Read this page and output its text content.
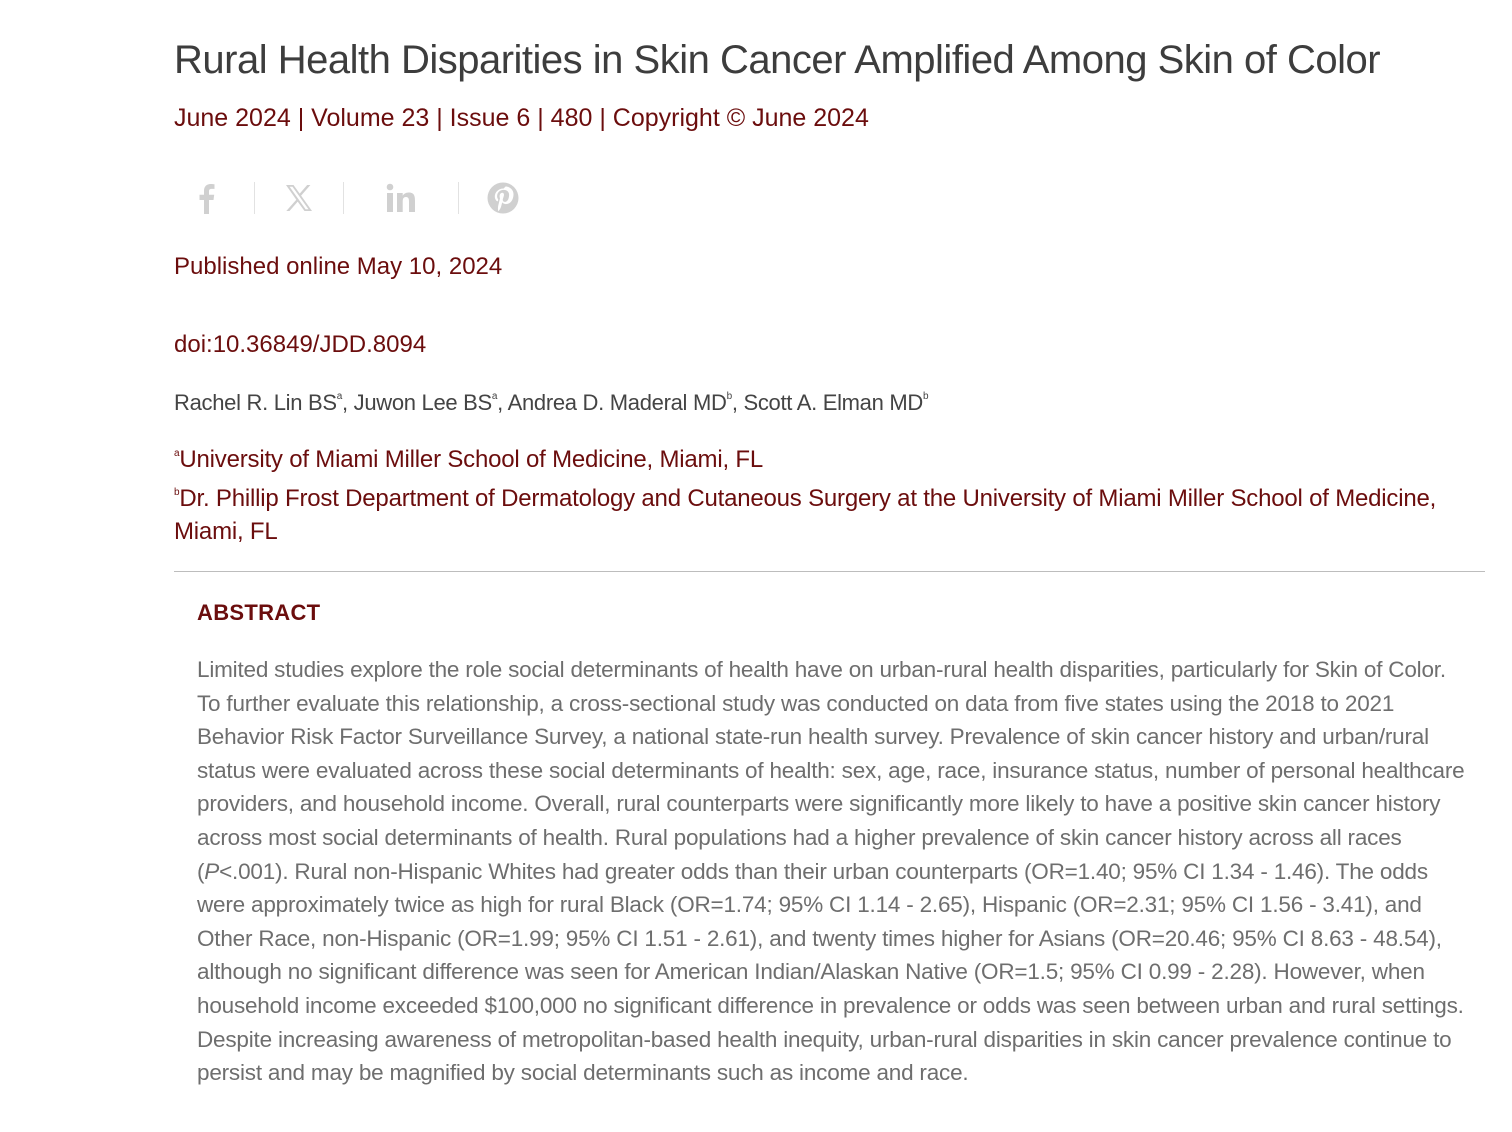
Rural Health Disparities in Skin Cancer Amplified Among Skin of Color
June 2024 | Volume 23 | Issue 6 | 480 | Copyright © June 2024
Published online May 10, 2024
doi:10.36849/JDD.8094
Rachel R. Lin $BS^a$, Juwon Lee $BS^a$, Andrea D. Maderal $MD^b$, Scott A. Elman $MD^b$
$^a$University of Miami Miller School of Medicine, Miami, FL
$^b$Dr. Phillip Frost Department of Dermatology and Cutaneous Surgery at the University of Miami Miller School of Medicine, Miami, FL
ABSTRACT

Limited studies explore the role social determinants of health have on urban-rural health disparities, particularly for Skin of Color. To further evaluate this relationship, a cross-sectional study was conducted on data from five states using the 2018 to 2021 Behavior Risk Factor Surveillance Survey, a national state-run health survey. Prevalence of skin cancer history and urban/rural status were evaluated across these social determinants of health: sex, age, race, insurance status, number of personal healthcare providers, and household income. Overall, rural counterparts were significantly more likely to have a positive skin cancer history across most social determinants of health. Rural populations had a higher prevalence of skin cancer history across all races (P<.001). Rural non-Hispanic Whites had greater odds than their urban counterparts (OR=1.40; 95% CI 1.34 - 1.46). The odds were approximately twice as high for rural Black (OR=1.74; 95% CI 1.14 - 2.65), Hispanic (OR=2.31; 95% CI 1.56 - 3.41), and Other Race, non-Hispanic (OR=1.99; 95% CI 1.51 - 2.61), and twenty times higher for Asians (OR=20.46; 95% CI 8.63 - 48.54), although no significant difference was seen for American Indian/Alaskan Native (OR=1.5; 95% CI 0.99 - 2.28). However, when household income exceeded $100,000 no significant difference in prevalence or odds was seen between urban and rural settings. Despite increasing awareness of metropolitan-based health inequity, urban-rural disparities in skin cancer prevalence continue to persist and may be magnified by social determinants such as income and race.
